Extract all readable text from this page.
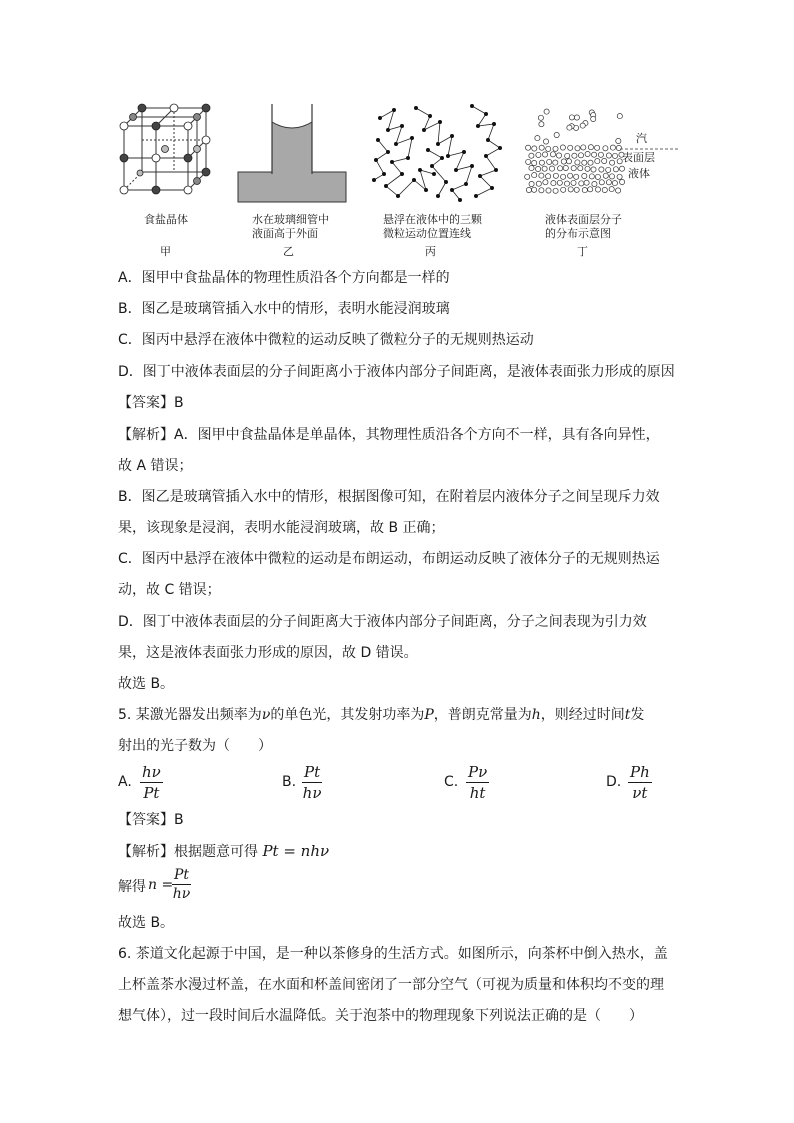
食盐晶体
甲
水在玻璃细管中
液面高于外面
乙
悬浮在液体中的三颗
微粒运动位置连线
丙
汽
表面层
液体
液体表面层分子
的分布示意图
丁
A．图甲中食盐晶体的物理性质沿各个方向都是一样的
B．图乙是玻璃管插入水中的情形，表明水能浸润玻璃
C．图丙中悬浮在液体中微粒的运动反映了微粒分子的无规则热运动
D．图丁中液体表面层的分子间距离小于液体内部分子间距离，是液体表面张力形成的原因
【答案】B
【解析】A．图甲中食盐晶体是单晶体，其物理性质沿各个方向不一样，具有各向异性，
故 A 错误；
B．图乙是玻璃管插入水中的情形，根据图像可知，在附着层内液体分子之间呈现斥力效
果，该现象是浸润，表明水能浸润玻璃，故 B 正确；
C．图丙中悬浮在液体中微粒的运动是布朗运动，布朗运动反映了液体分子的无规则热运
动，故 C 错误；
D．图丁中液体表面层的分子间距离大于液体内部分子间距离，分子之间表现为引力效
果，这是液体表面张力形成的原因，故 D 错误。
故选 B。
5. 某激光器发出频率为ν的单色光，其发射功率为P，普朗克常量为h，则经过时间t发
射出的光子数为（　　）
A. $\frac{h\nu}{Pt}$	B. $\frac{Pt}{h\nu}$	C. $\frac{P\nu}{ht}$	D. $\frac{Ph}{\nu t}$
【答案】B
【解析】根据题意可得 Pt = nhν
解得 n =
$\frac{Pt}{h\nu}$
故选 B。
6. 茶道文化起源于中国，是一种以茶修身的生活方式。如图所示，向茶杯中倒入热水，盖
上杯盖茶水漫过杯盖，在水面和杯盖间密闭了一部分空气（可视为质量和体积均不变的理
想气体），过一段时间后水温降低。关于泡茶中的物理现象下列说法正确的是（　　）
